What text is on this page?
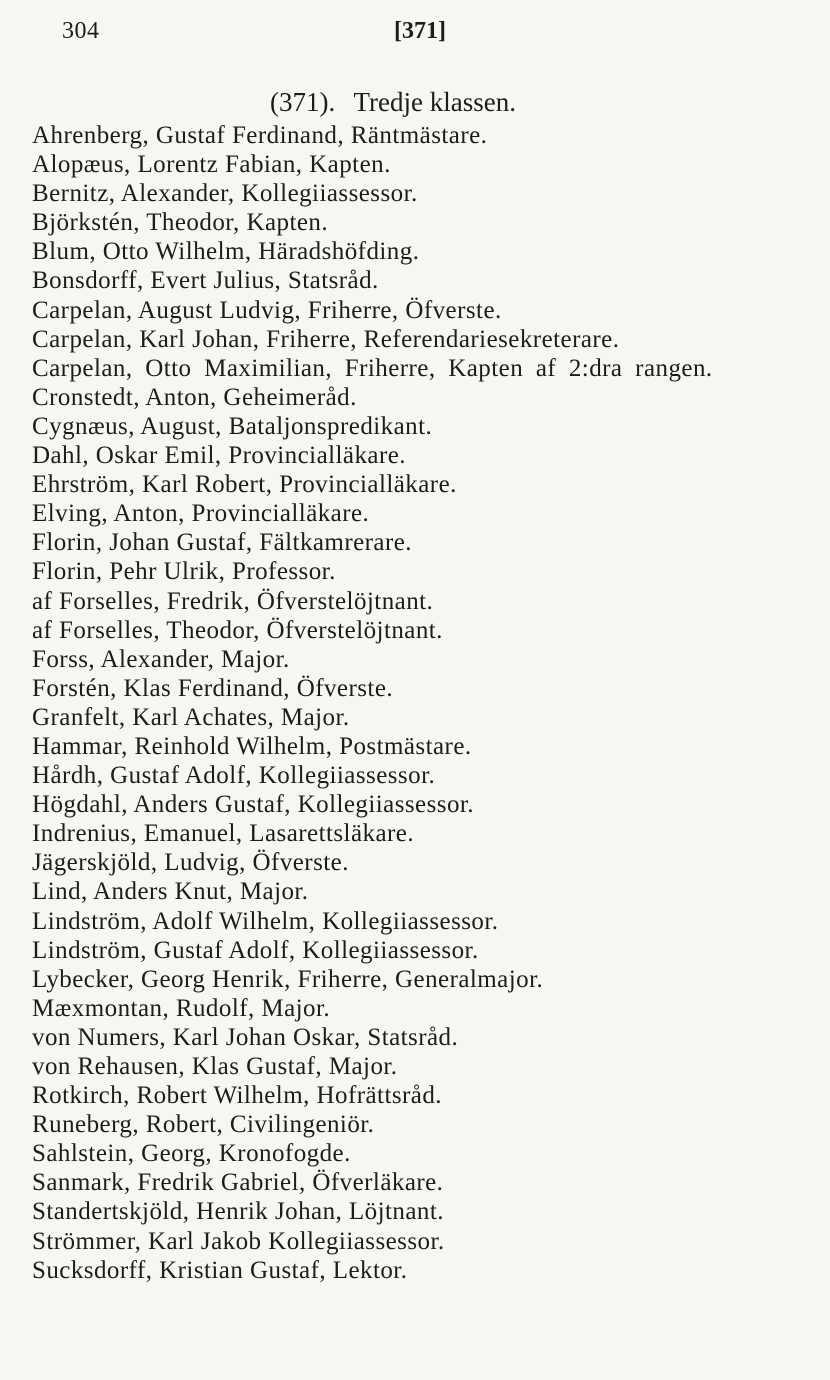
304	[371]
(371). Tredje klassen.
Ahrenberg, Gustaf Ferdinand, Räntmästare.
Alopæus, Lorentz Fabian, Kapten.
Bernitz, Alexander, Kollegiiassessor.
Björkstén, Theodor, Kapten.
Blum, Otto Wilhelm, Häradshöfding.
Bonsdorff, Evert Julius, Statsråd.
Carpelan, August Ludvig, Friherre, Öfverste.
Carpelan, Karl Johan, Friherre, Referendariesekreterare.
Carpelan, Otto Maximilian, Friherre, Kapten af 2:dra rangen.
Cronstedt, Anton, Geheimeråd.
Cygnæus, August, Bataljonspredikant.
Dahl, Oskar Emil, Provincialläkare.
Ehrström, Karl Robert, Provincialläkare.
Elving, Anton, Provincialläkare.
Florin, Johan Gustaf, Fältkamrerare.
Florin, Pehr Ulrik, Professor.
af Forselles, Fredrik, Öfverstelöjtnant.
af Forselles, Theodor, Öfverstelöjtnant.
Forss, Alexander, Major.
Forstén, Klas Ferdinand, Öfverste.
Granfelt, Karl Achates, Major.
Hammar, Reinhold Wilhelm, Postmästare.
Hårdh, Gustaf Adolf, Kollegiiassessor.
Högdahl, Anders Gustaf, Kollegiiassessor.
Indrenius, Emanuel, Lasarettsläkare.
Jägerskjöld, Ludvig, Öfverste.
Lind, Anders Knut, Major.
Lindström, Adolf Wilhelm, Kollegiiassessor.
Lindström, Gustaf Adolf, Kollegiiassessor.
Lybecker, Georg Henrik, Friherre, Generalmajor.
Mæxmontan, Rudolf, Major.
von Numers, Karl Johan Oskar, Statsråd.
von Rehausen, Klas Gustaf, Major.
Rotkirch, Robert Wilhelm, Hofrättsråd.
Runeberg, Robert, Civilingeniör.
Sahlstein, Georg, Kronofogde.
Sanmark, Fredrik Gabriel, Öfverläkare.
Standertskjöld, Henrik Johan, Löjtnant.
Strömmer, Karl Jakob Kollegiiassessor.
Sucksdorff, Kristian Gustaf, Lektor.
